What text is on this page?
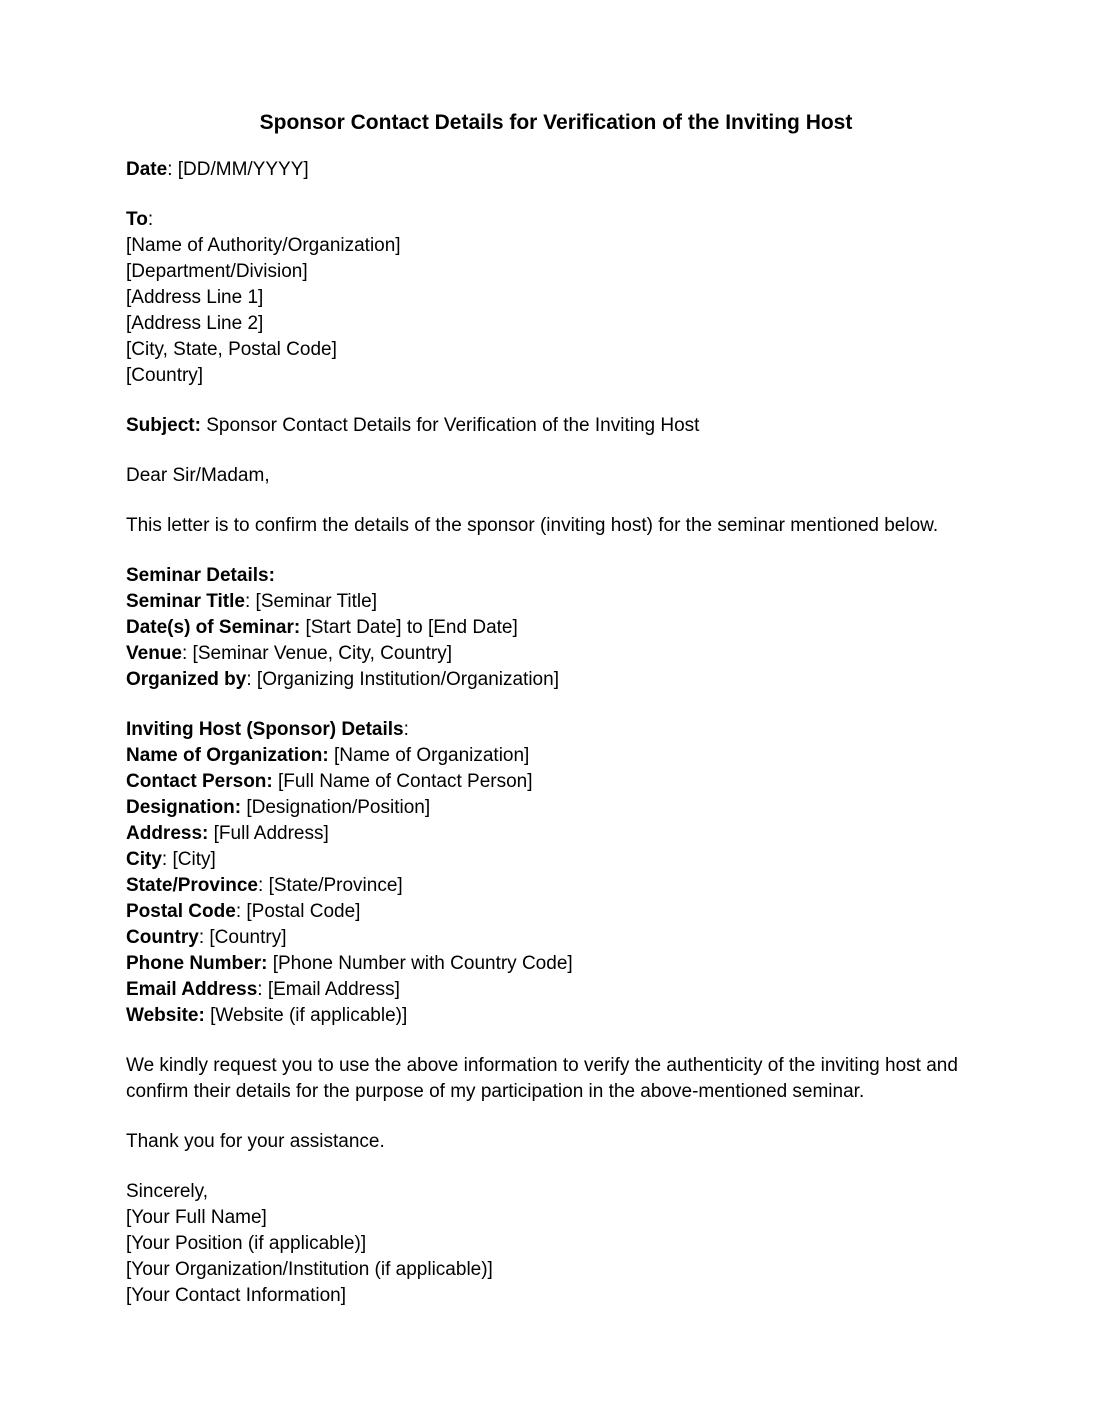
Sponsor Contact Details for Verification of the Inviting Host
Date: [DD/MM/YYYY]
To:
[Name of Authority/Organization]
[Department/Division]
[Address Line 1]
[Address Line 2]
[City, State, Postal Code]
[Country]
Subject: Sponsor Contact Details for Verification of the Inviting Host
Dear Sir/Madam,
This letter is to confirm the details of the sponsor (inviting host) for the seminar mentioned below.
Seminar Details:
Seminar Title: [Seminar Title]
Date(s) of Seminar: [Start Date] to [End Date]
Venue: [Seminar Venue, City, Country]
Organized by: [Organizing Institution/Organization]
Inviting Host (Sponsor) Details:
Name of Organization: [Name of Organization]
Contact Person: [Full Name of Contact Person]
Designation: [Designation/Position]
Address: [Full Address]
City: [City]
State/Province: [State/Province]
Postal Code: [Postal Code]
Country: [Country]
Phone Number: [Phone Number with Country Code]
Email Address: [Email Address]
Website: [Website (if applicable)]
We kindly request you to use the above information to verify the authenticity of the inviting host and confirm their details for the purpose of my participation in the above-mentioned seminar.
Thank you for your assistance.
Sincerely,
[Your Full Name]
[Your Position (if applicable)]
[Your Organization/Institution (if applicable)]
[Your Contact Information]
